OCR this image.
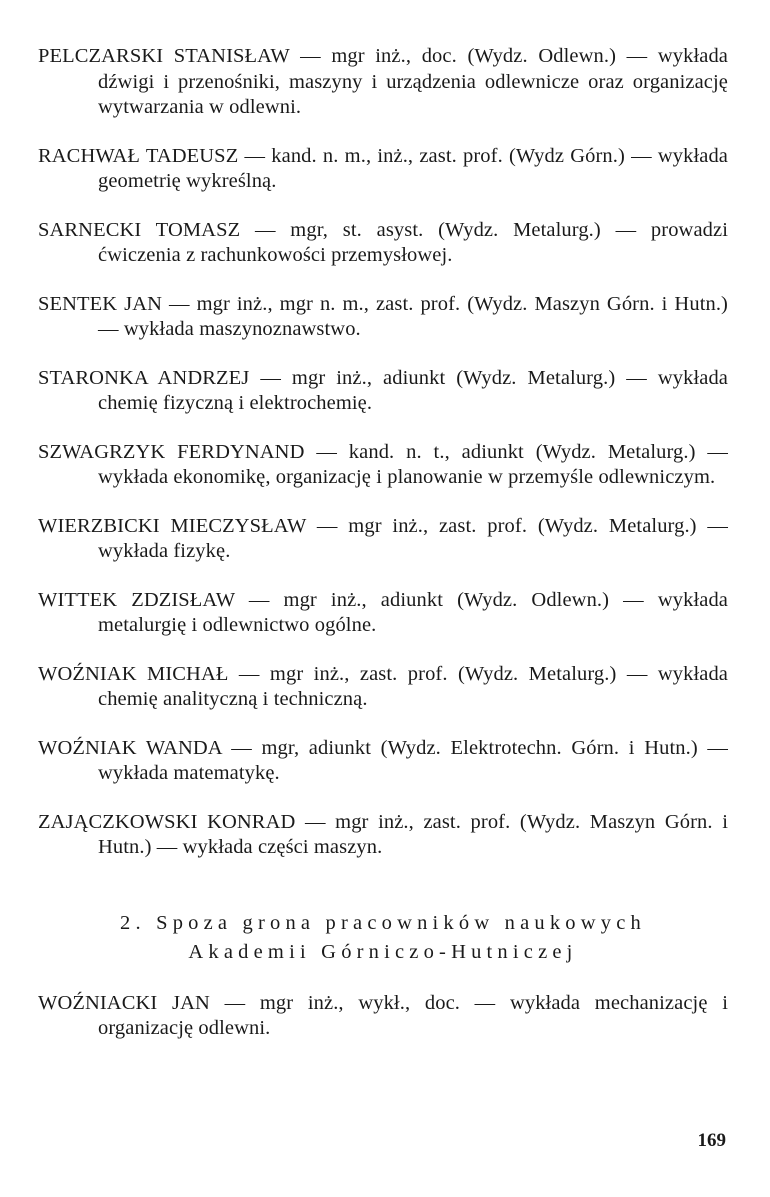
PELCZARSKI STANISŁAW — mgr inż., doc. (Wydz. Odlewn.) — wykłada dźwigi i przenośniki, maszyny i urządzenia odlewnicze oraz organizację wytwarzania w odlewni.

RACHWAŁ TADEUSZ — kand. n. m., inż., zast. prof. (Wydz Górn.) — wykłada geometrię wykreślną.

SARNECKI TOMASZ — mgr, st. asyst. (Wydz. Metalurg.) — prowadzi ćwiczenia z rachunkowości przemysłowej.

SENTEK JAN — mgr inż., mgr n. m., zast. prof. (Wydz. Maszyn Górn. i Hutn.) — wykłada maszynoznawstwo.

STARONKA ANDRZEJ — mgr inż., adiunkt (Wydz. Metalurg.) — wykłada chemię fizyczną i elektrochemię.

SZWAGRZYK FERDYNAND — kand. n. t., adiunkt (Wydz. Metalurg.) — wykłada ekonomikę, organizację i planowanie w przemyśle odlewniczym.

WIERZBICKI MIECZYSŁAW — mgr inż., zast. prof. (Wydz. Metalurg.) — wykłada fizykę.

WITTEK ZDZISŁAW — mgr inż., adiunkt (Wydz. Odlewn.) — wykłada metalurgię i odlewnictwo ogólne.

WOŹNIAK MICHAŁ — mgr inż., zast. prof. (Wydz. Metalurg.) — wykłada chemię analityczną i techniczną.

WOŹNIAK WANDA — mgr, adiunkt (Wydz. Elektrotechn. Górn. i Hutn.) — wykłada matematykę.

ZAJĄCZKOWSKI KONRAD — mgr inż., zast. prof. (Wydz. Maszyn Górn. i Hutn.) — wykłada części maszyn.

2. Spoza grona pracowników naukowych
Akademii Górniczo-Hutniczej

WOŹNIACKI JAN — mgr inż., wykł., doc. — wykłada mechanizację i organizację odlewni.

169
